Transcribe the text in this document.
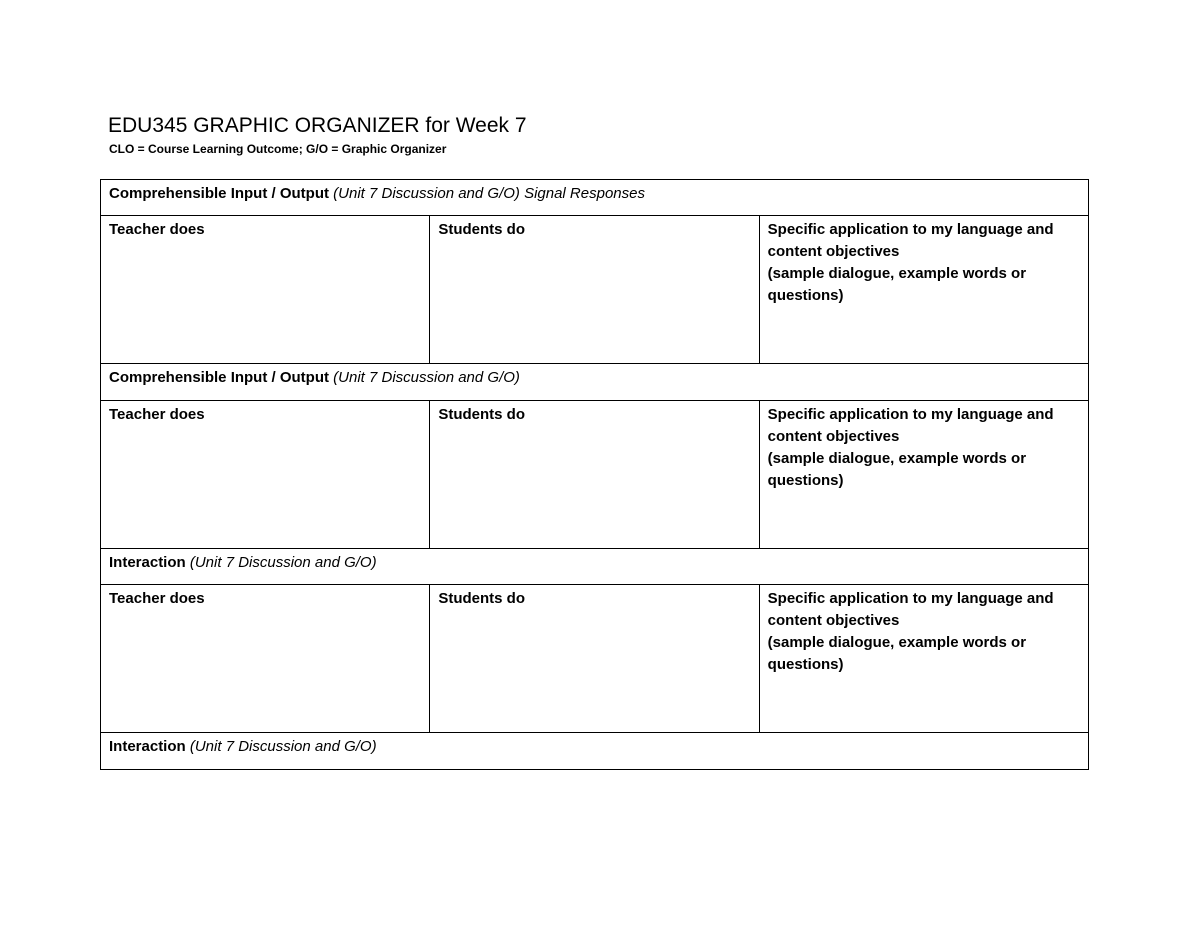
EDU345 GRAPHIC ORGANIZER for Week 7
CLO = Course Learning Outcome; G/O = Graphic Organizer
Comprehensible Input / Output (Unit 7 Discussion and G/O) Signal Responses		
Teacher does	Students do	Specific application to my language and content objectives
(sample dialogue, example words or questions)

Comprehensible Input / Output (Unit 7 Discussion and G/O)		
Teacher does	Students do	Specific application to my language and content objectives
(sample dialogue, example words or questions)

Interaction (Unit 7 Discussion and G/O)		
Teacher does	Students do	Specific application to my language and content objectives
(sample dialogue, example words or questions)

Interaction (Unit 7 Discussion and G/O)		
